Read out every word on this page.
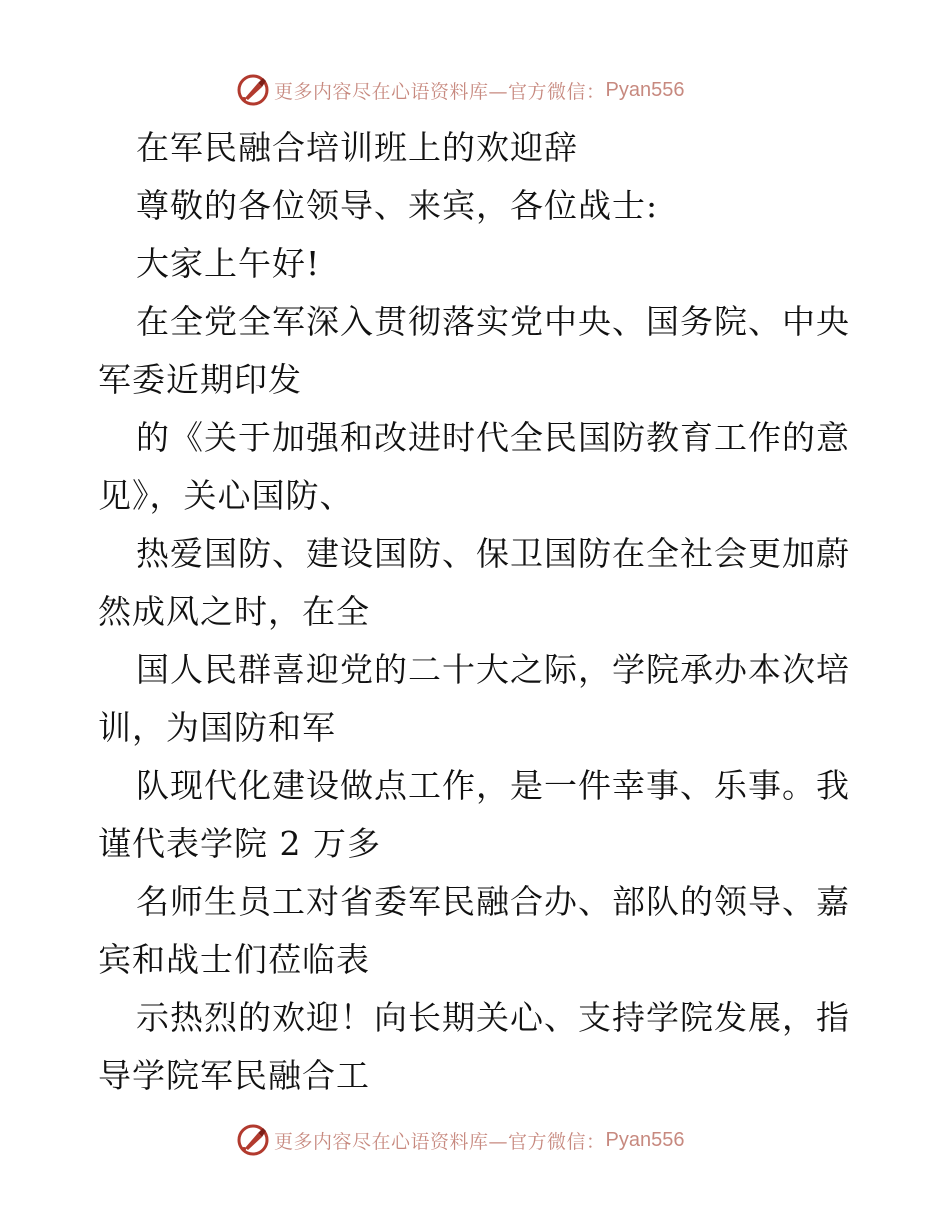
更多内容尽在心语资料库—官方微信： Pyan556
在军民融合培训班上的欢迎辞
尊敬的各位领导、来宾，各位战士:
大家上午好!
在全党全军深入贯彻落实党中央、国务院、中央
军委近期印发
的《关于加强和改进时代全民国防教育工作的意
见》，关心国防、
热爱国防、建设国防、保卫国防在全社会更加蔚
然成风之时，在全
国人民群喜迎党的二十大之际，学院承办本次培
训，为国防和军
队现代化建设做点工作，是一件幸事、乐事。我
谨代表学院 2 万多
名师生员工对省委军民融合办、部队的领导、嘉
宾和战士们莅临表
示热烈的欢迎！向长期关心、支持学院发展，指
导学院军民融合工
更多内容尽在心语资料库—官方微信： Pyan556
